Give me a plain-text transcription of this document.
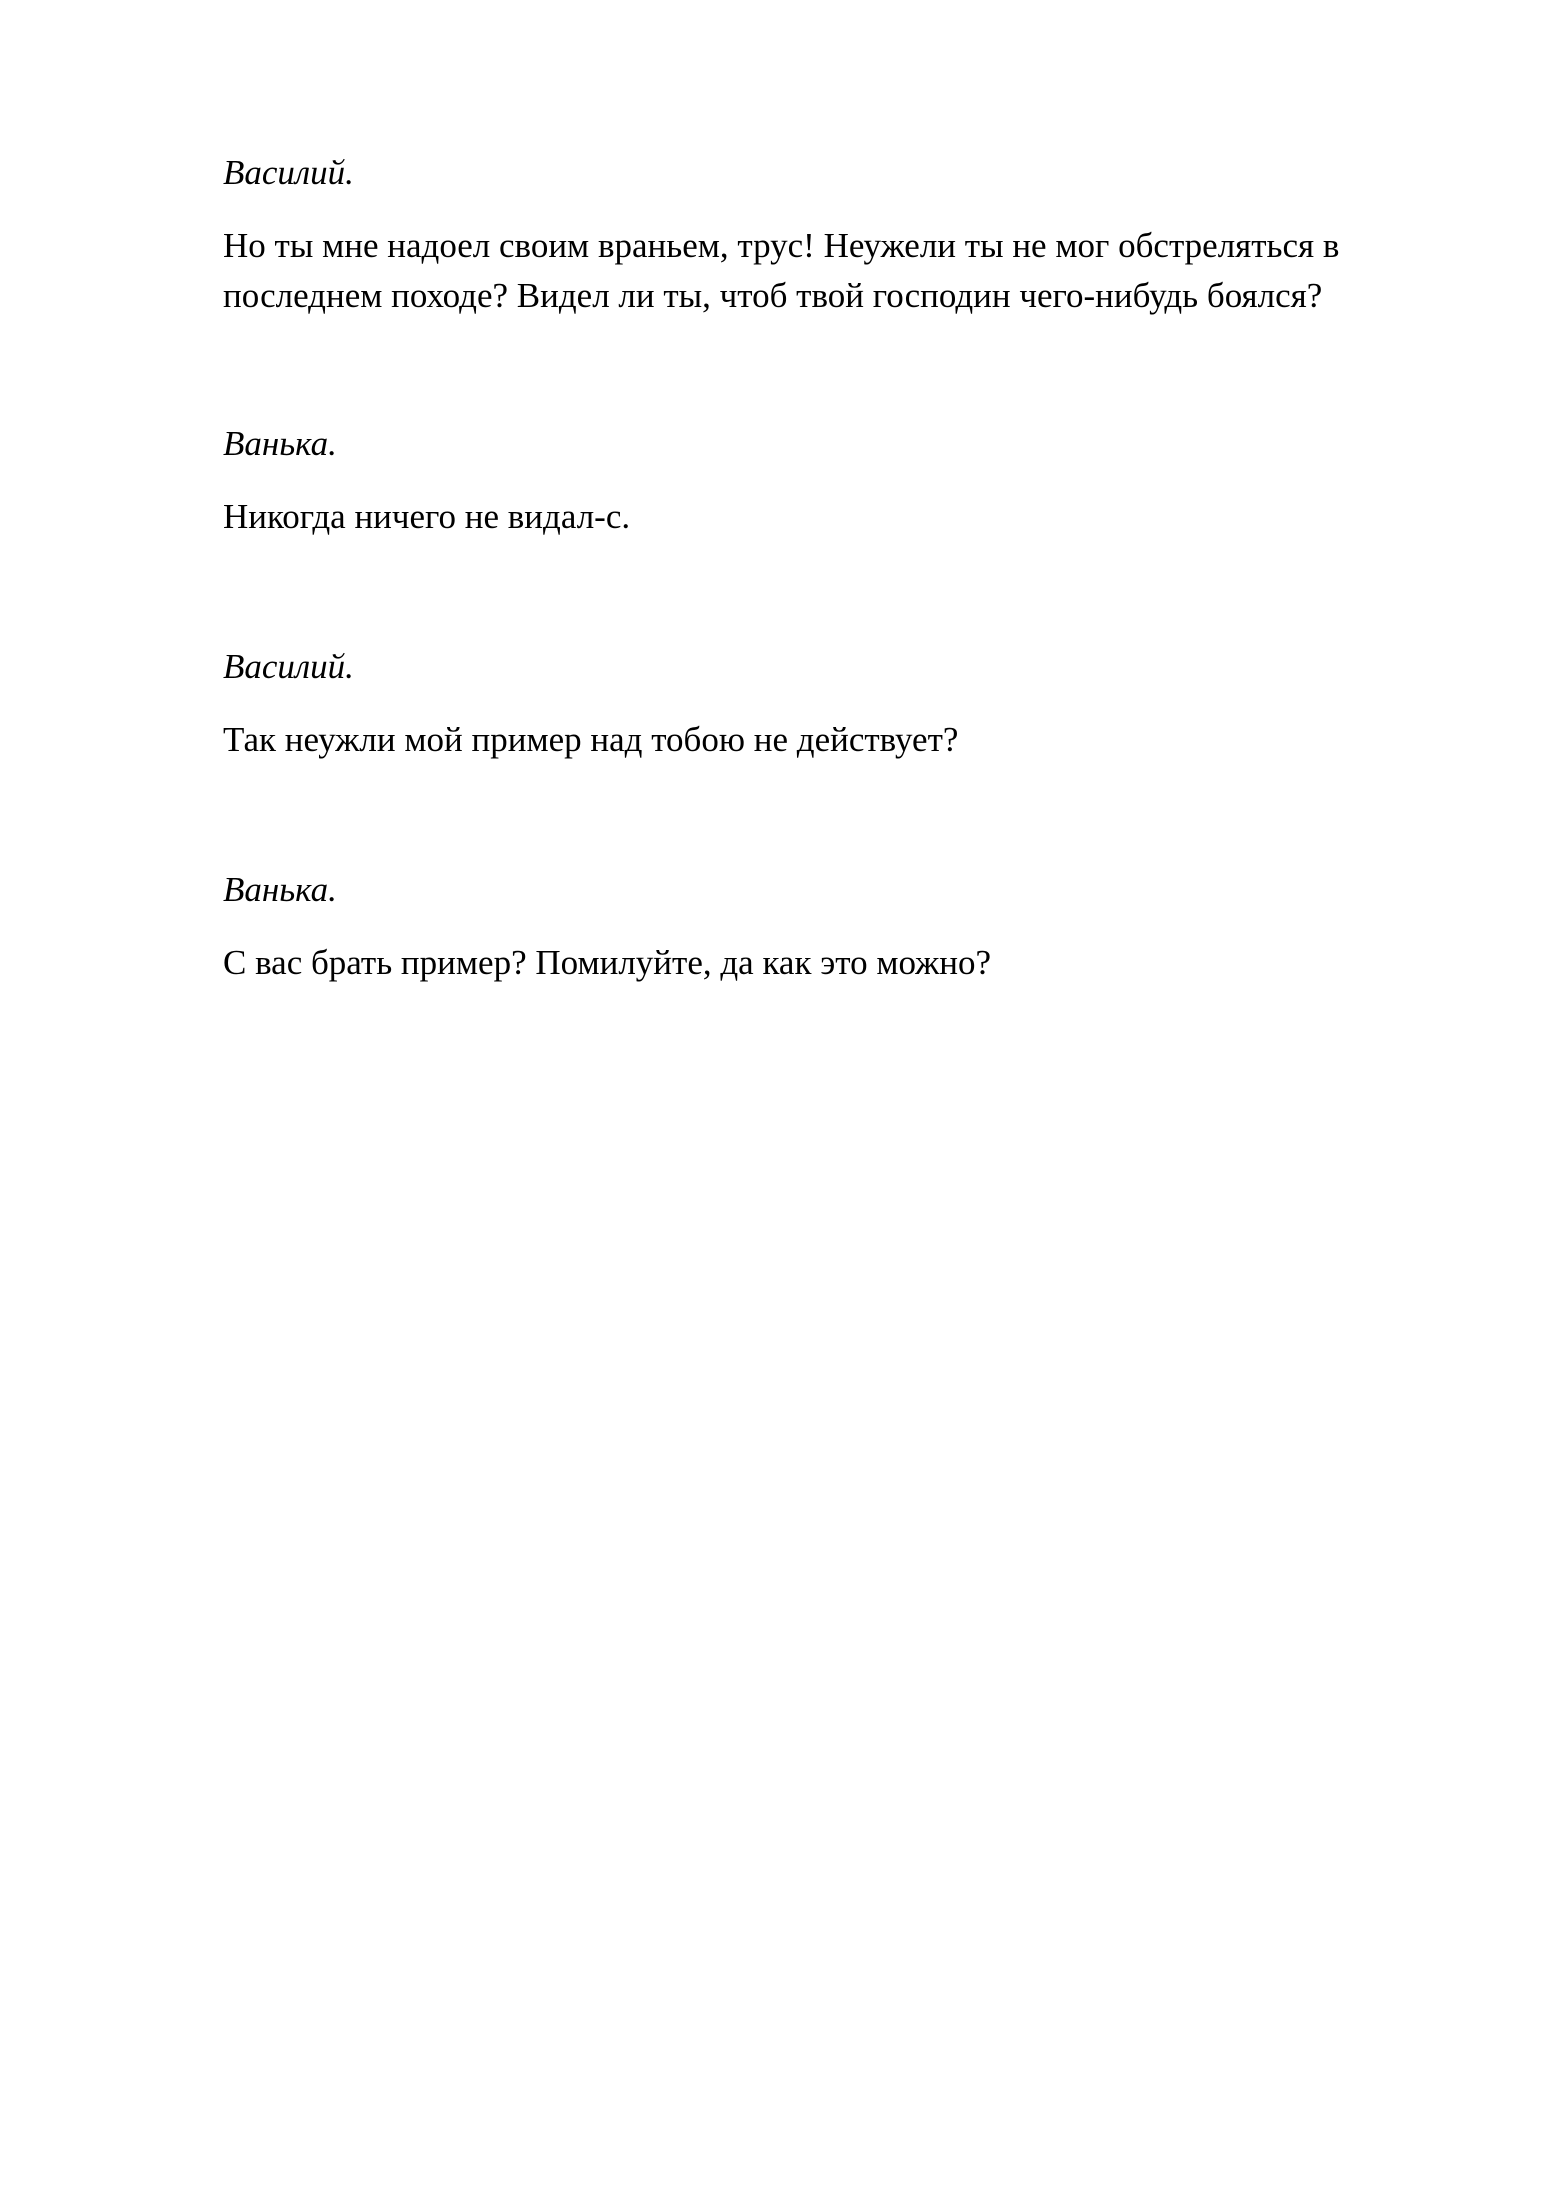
Василий.
Но ты мне надоел своим враньем, трус! Неужели ты не мог обстреляться в
последнем походе? Видел ли ты, чтоб твой господин чего-нибудь боялся?
Ванька.
Никогда ничего не видал-с.
Василий.
Так неужли мой пример над тобою не действует?
Ванька.
С вас брать пример? Помилуйте, да как это можно?
